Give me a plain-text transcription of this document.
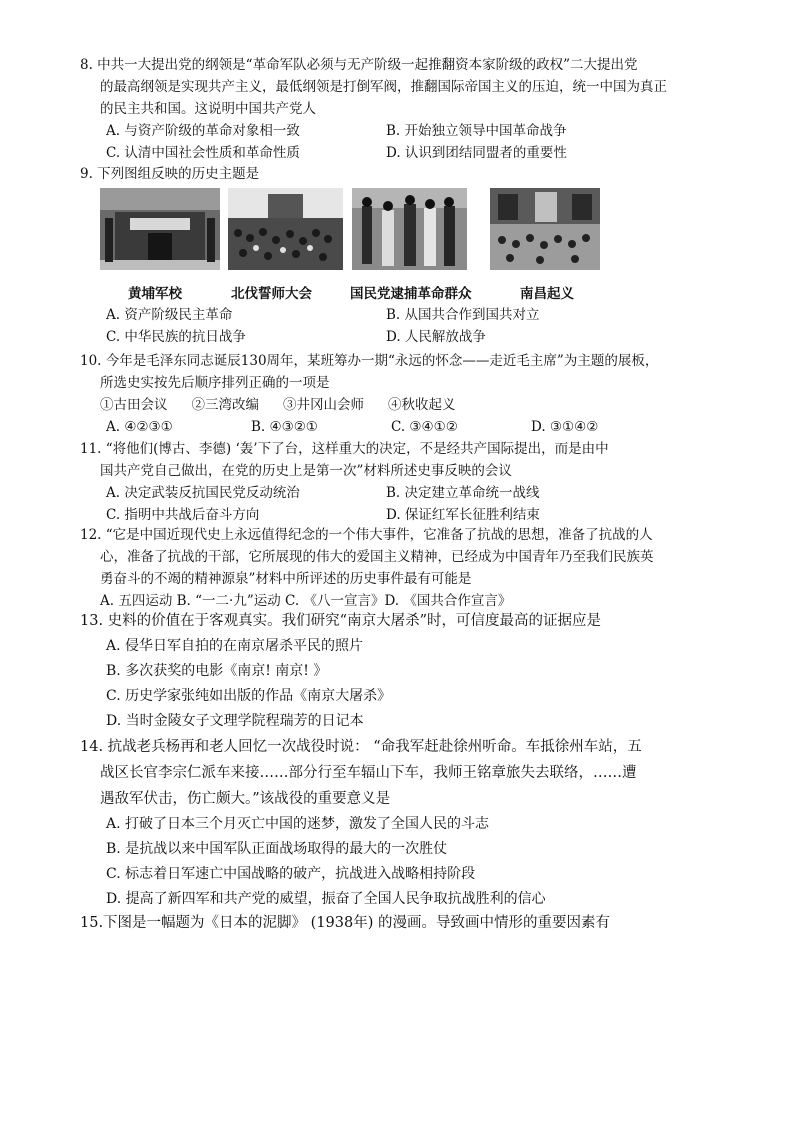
8. 中共一大提出党的纲领是“革命军队必须与无产阶级一起推翻资本家阶级的政权”二大提出党
的最高纲领是实现共产主义，最低纲领是打倒军阀，推翻国际帝国主义的压迫，统一中国为真正
的民主共和国。这说明中国共产党人
A. 与资产阶级的革命对象相一致	B. 开始独立领导中国革命战争
C. 认清中国社会性质和革命性质	D. 认识到团结同盟者的重要性
9. 下列图组反映的历史主题是
黄埔军校	北伐誓师大会	国民党逮捕革命群众	南昌起义
A. 资产阶级民主革命	B. 从国共合作到国共对立
C. 中华民族的抗日战争	D. 人民解放战争
10. 今年是毛泽东同志诞辰130周年，某班筹办一期“永远的怀念——走近毛主席”为主题的展板，
所选史实按先后顺序排列正确的一项是
①古田会议 ②三湾改编 ③井冈山会师 ④秋收起义
A. ④②③①	B. ④③②①	C. ③④①②	D. ③①④②
11. “将他们(博古、李德) ‘轰’下了台，这样重大的决定，不是经共产国际提出，而是由中
国共产党自己做出，在党的历史上是第一次”材料所述史事反映的会议
A. 决定武装反抗国民党反动统治	B. 决定建立革命统一战线
C. 指明中共战后奋斗方向	D. 保证红军长征胜利结束
12. “它是中国近现代史上永远值得纪念的一个伟大事件，它准备了抗战的思想，准备了抗战的人
心，准备了抗战的干部，它所展现的伟大的爱国主义精神，已经成为中国青年乃至我们民族英
勇奋斗的不竭的精神源泉”材料中所评述的历史事件最有可能是
A. 五四运动 B. “一二·九”运动 C. 《八一宣言》D. 《国共合作宣言》
13. 史料的价值在于客观真实。我们研究“南京大屠杀”时，可信度最高的证据应是
A. 侵华日军自拍的在南京屠杀平民的照片
B. 多次获奖的电影《南京! 南京! 》
C. 历史学家张纯如出版的作品《南京大屠杀》
D. 当时金陵女子文理学院程瑞芳的日记本
14. 抗战老兵杨再和老人回忆一次战役时说： “命我军赶赴徐州听命。车抵徐州车站，五
战区长官李宗仁派车来接……部分行至车辐山下车，我师王铭章旅失去联络，……遭
遇敌军伏击，伤亡颇大。”该战役的重要意义是
A. 打破了日本三个月灭亡中国的迷梦，激发了全国人民的斗志
B. 是抗战以来中国军队正面战场取得的最大的一次胜仗
C. 标志着日军速亡中国战略的破产，抗战进入战略相持阶段
D. 提高了新四军和共产党的威望，振奋了全国人民争取抗战胜利的信心
15.下图是一幅题为《日本的泥脚》 (1938年) 的漫画。导致画中情形的重要因素有
